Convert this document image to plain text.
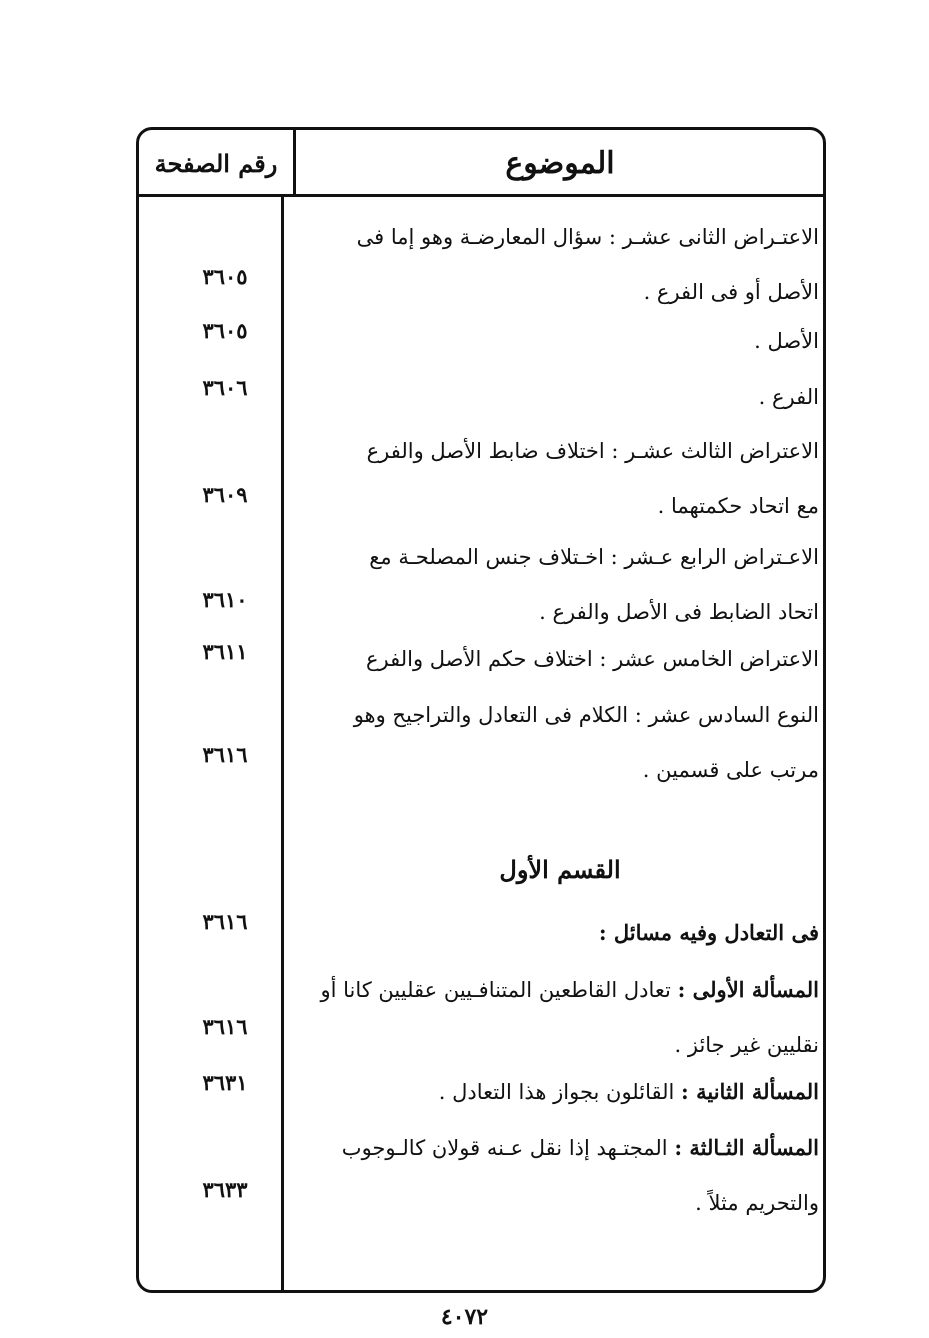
الموضوع
رقم الصفحة
الاعتـراض الثانى عشـر : سؤال المعارضـة وهو إما فى
الأصل أو فى الفرع .
٣٦٠٥
الأصل .
٣٦٠٥
الفرع .
٣٦٠٦
الاعتراض الثالث عشـر : اختلاف ضابط الأصل والفرع
مع اتحاد حكمتهما .
٣٦٠٩
الاعـتراض الرابع عـشر : اخـتلاف جنس المصلحـة مع
اتحاد الضابط فى الأصل والفرع .
٣٦١٠
الاعتراض الخامس عشر : اختلاف حكم الأصل والفرع
٣٦١١
النوع السادس عشر : الكلام فى التعادل والتراجيح وهو
مرتب على قسمين .
٣٦١٦
القسم الأول
فى التعادل وفيه مسائل :
٣٦١٦
المسألة الأولى : تعادل القاطعين المتنافـيين عقليين كانا أو
نقليين غير جائز .
٣٦١٦
المسألة الثانية : القائلون بجواز هذا التعادل .
٣٦٣١
المسألة الثـالثة : المجتـهد إذا نقل عـنه قولان كالـوجوب
والتحريم مثلاً .
٣٦٣٣
٤٠٧٢
